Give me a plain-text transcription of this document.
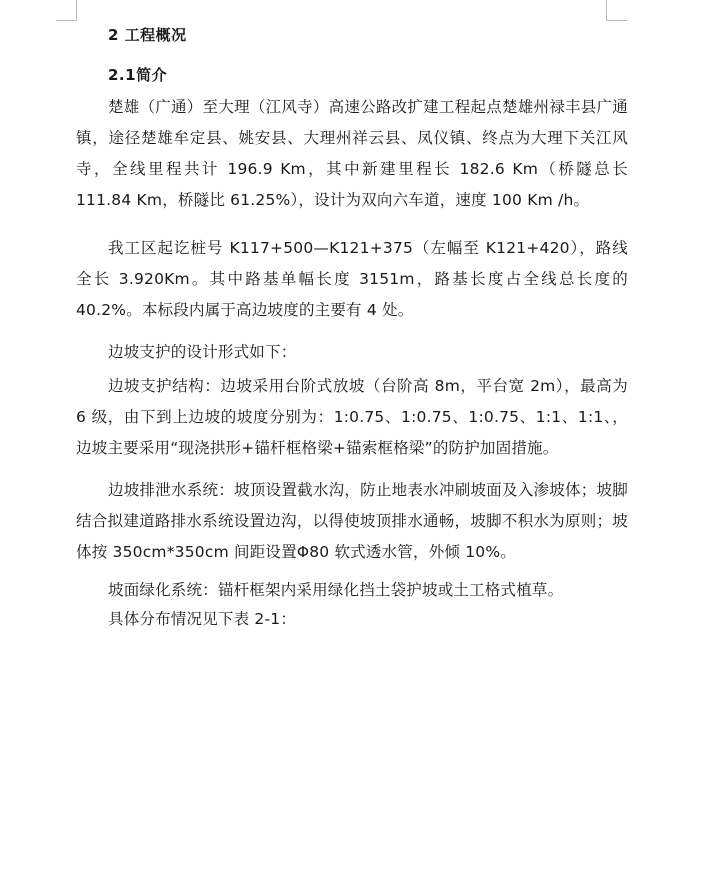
2 工程概况
2.1简介
楚雄（广通）至大理（江风寺）高速公路改扩建工程起点楚雄州禄丰县广通镇，途径楚雄牟定县、姚安县、大理州祥云县、凤仪镇、终点为大理下关江风寺，全线里程共计 196.9 Km，其中新建里程长 182.6 Km（桥隧总长 111.84 Km，桥隧比 61.25%），设计为双向六车道，速度 100 Km /h。
我工区起讫桩号 K117+500—K121+375（左幅至 K121+420），路线全长 3.920Km。其中路基单幅长度 3151m，路基长度占全线总长度的 40.2%。本标段内属于高边坡度的主要有 4 处。
边坡支护的设计形式如下：
边坡支护结构：边坡采用台阶式放坡（台阶高 8m，平台宽 2m），最高为 6 级，由下到上边坡的坡度分别为：1:0.75、1:0.75、1:0.75、1:1、1:1、，边坡主要采用“现浇拱形+锚杆框格梁+锚索框格梁”的防护加固措施。
边坡排泄水系统：坡顶设置截水沟，防止地表水冲刷坡面及入渗坡体；坡脚结合拟建道路排水系统设置边沟，以得使坡顶排水通畅，坡脚不积水为原则；坡体按 350cm*350cm 间距设置Φ80 软式透水管，外倾 10%。
坡面绿化系统：锚杆框架内采用绿化挡土袋护坡或土工格式植草。
具体分布情况见下表 2-1：
